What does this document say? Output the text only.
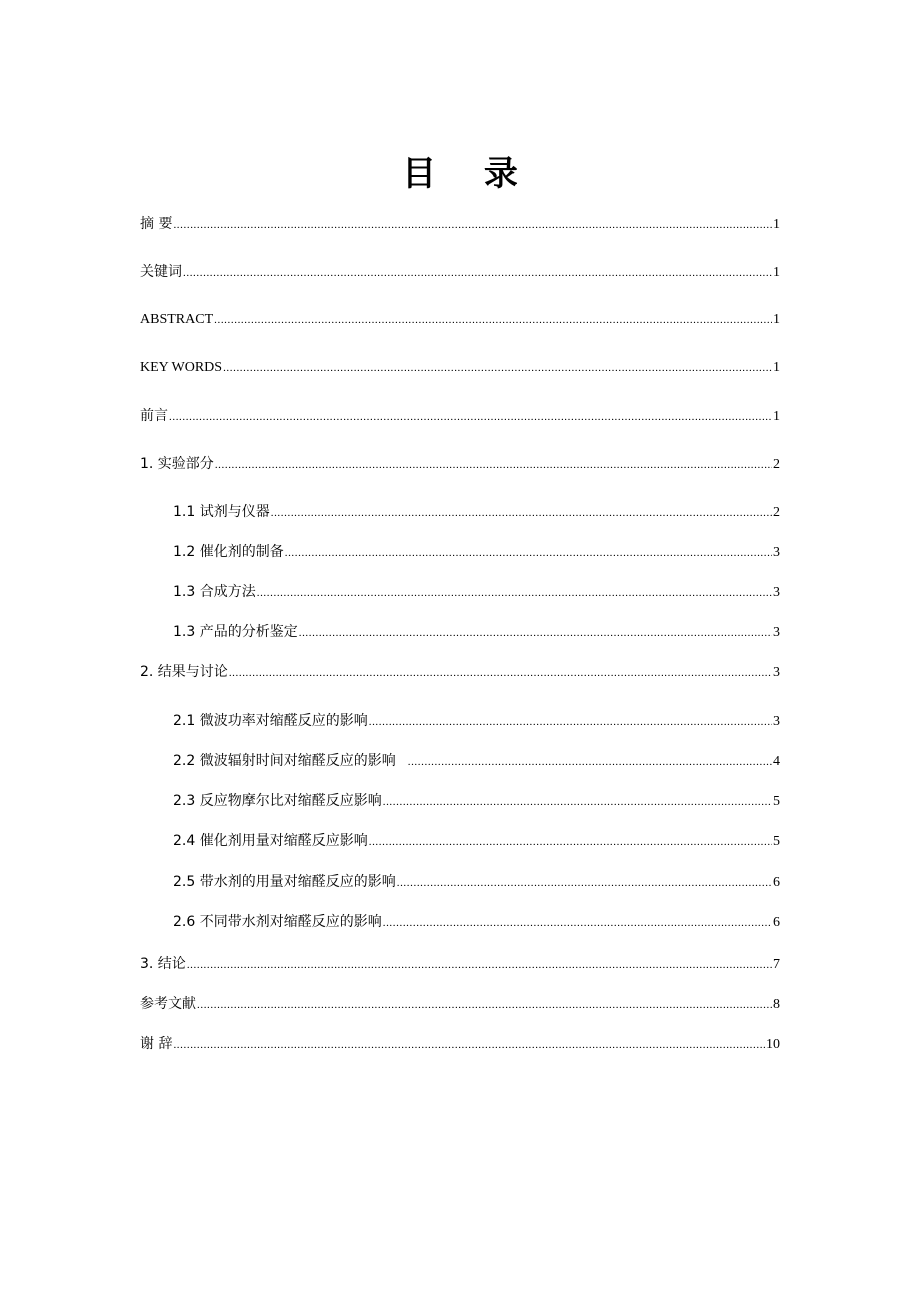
目 录
摘 要 .....	1
关键词 .....	1
ABSTRACT .....	1
KEY WORDS .....	1
前言 .....	1
1. 实验部分 .....	2
1.1 试剂与仪器 .....	2
1.2 催化剂的制备 .....	3
1.3 合成方法 .....	3
1.3 产品的分析鉴定 .....	3
2. 结果与讨论 .....	3
2.1 微波功率对缩醛反应的影响 .....	3
2.2 微波辐射时间对缩醛反应的影响 .....	4
2.3 反应物摩尔比对缩醛反应影响 .....	5
2.4 催化剂用量对缩醛反应影响 .....	5
2.5 带水剂的用量对缩醛反应的影响 .....	6
2.6 不同带水剂对缩醛反应的影响 .....	6
3. 结论 .....	7
参考文献 .....	8
谢 辞 .....	10
